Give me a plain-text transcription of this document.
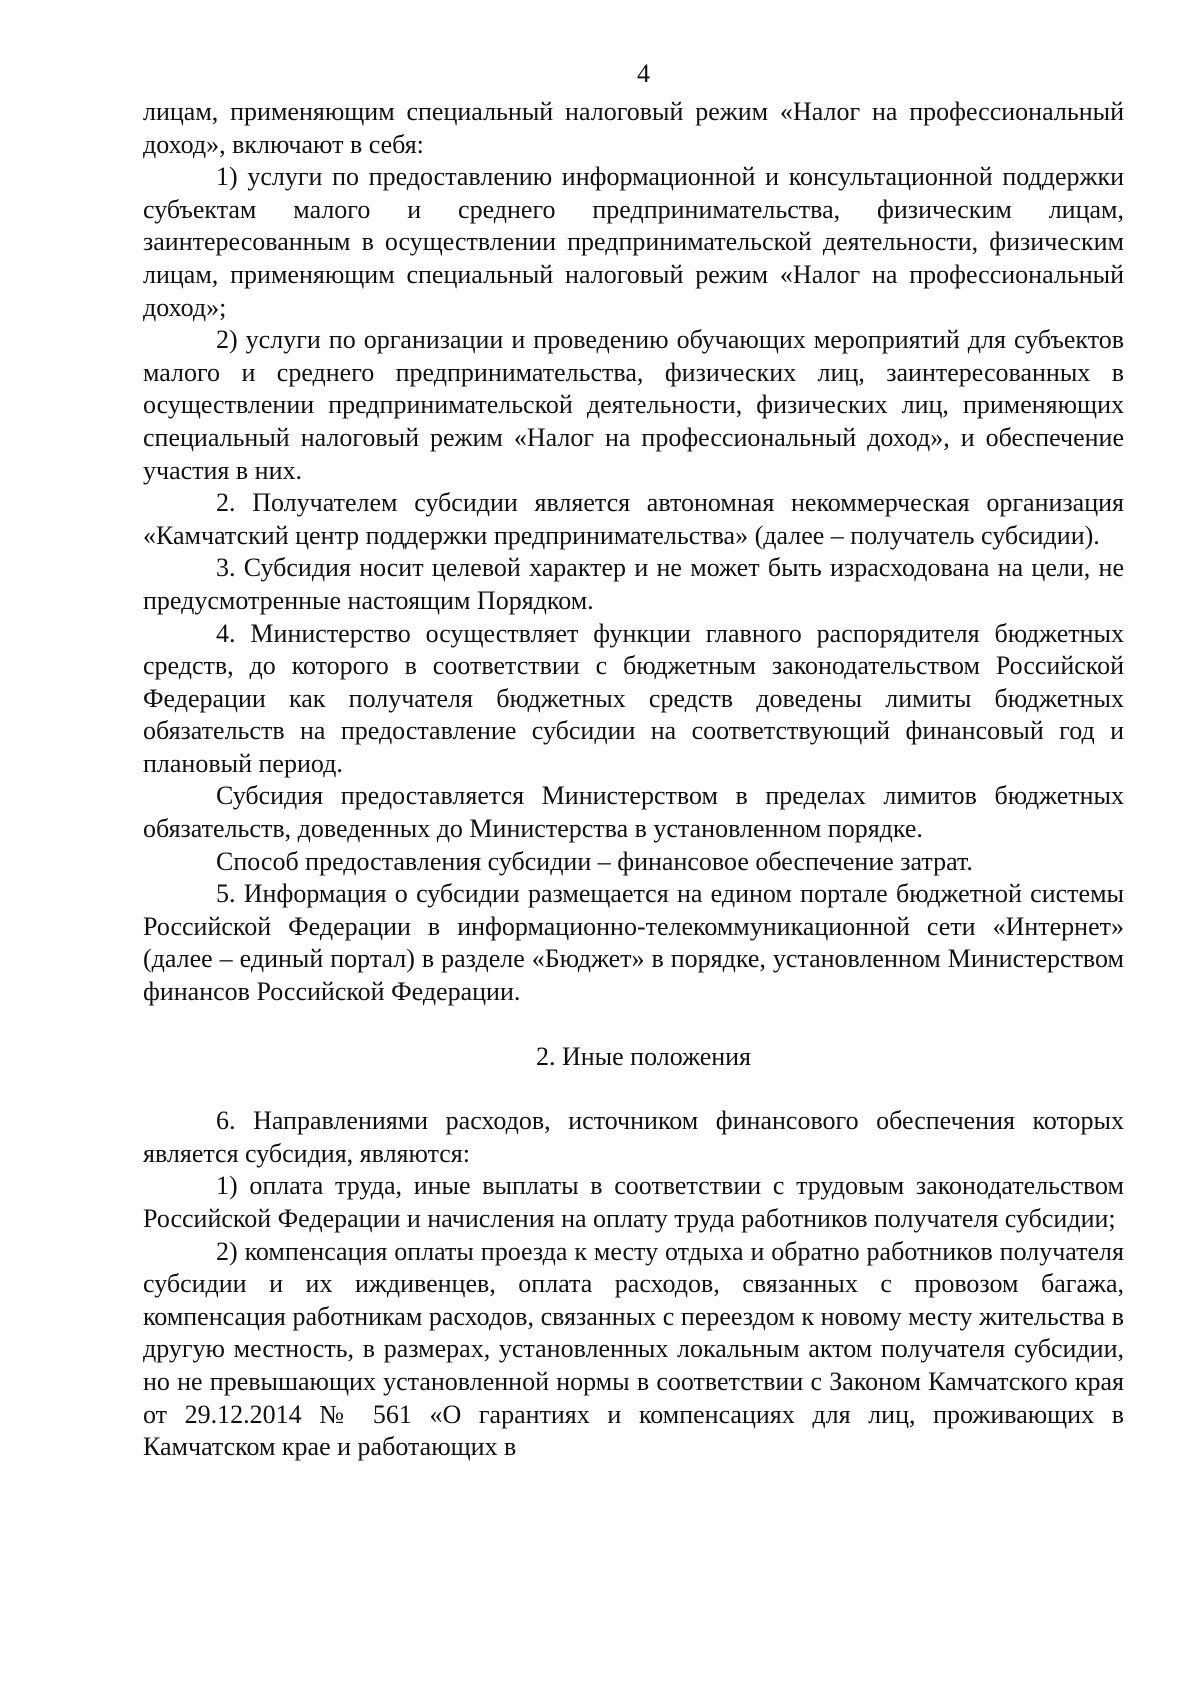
4

лицам, применяющим специальный налоговый режим «Налог на профессиональный доход», включают в себя:

1) услуги по предоставлению информационной и консультационной поддержки субъектам малого и среднего предпринимательства, физическим лицам, заинтересованным в осуществлении предпринимательской деятельности, физическим лицам, применяющим специальный налоговый режим «Налог на профессиональный доход»;

2) услуги по организации и проведению обучающих мероприятий для субъектов малого и среднего предпринимательства, физических лиц, заинтересованных в осуществлении предпринимательской деятельности, физических лиц, применяющих специальный налоговый режим «Налог на профессиональный доход», и обеспечение участия в них.

2. Получателем субсидии является автономная некоммерческая организация «Камчатский центр поддержки предпринимательства» (далее – получатель субсидии).

3. Субсидия носит целевой характер и не может быть израсходована на цели, не предусмотренные настоящим Порядком.

4. Министерство осуществляет функции главного распорядителя бюджетных средств, до которого в соответствии с бюджетным законодательством Российской Федерации как получателя бюджетных средств доведены лимиты бюджетных обязательств на предоставление субсидии на соответствующий финансовый год и плановый период.

Субсидия предоставляется Министерством в пределах лимитов бюджетных обязательств, доведенных до Министерства в установленном порядке.

Способ предоставления субсидии – финансовое обеспечение затрат.

5. Информация о субсидии размещается на едином портале бюджетной системы Российской Федерации в информационно-телекоммуникационной сети «Интернет» (далее – единый портал) в разделе «Бюджет» в порядке, установленном Министерством финансов Российской Федерации.

2. Иные положения

6. Направлениями расходов, источником финансового обеспечения которых является субсидия, являются:

1) оплата труда, иные выплаты в соответствии с трудовым законодательством Российской Федерации и начисления на оплату труда работников получателя субсидии;

2) компенсация оплаты проезда к месту отдыха и обратно работников получателя субсидии и их иждивенцев, оплата расходов, связанных с провозом багажа, компенсация работникам расходов, связанных с переездом к новому месту жительства в другую местность, в размерах, установленных локальным актом получателя субсидии, но не превышающих установленной нормы в соответствии с Законом Камчатского края от 29.12.2014 № 561 «О гарантиях и компенсациях для лиц, проживающих в Камчатском крае и работающих в
